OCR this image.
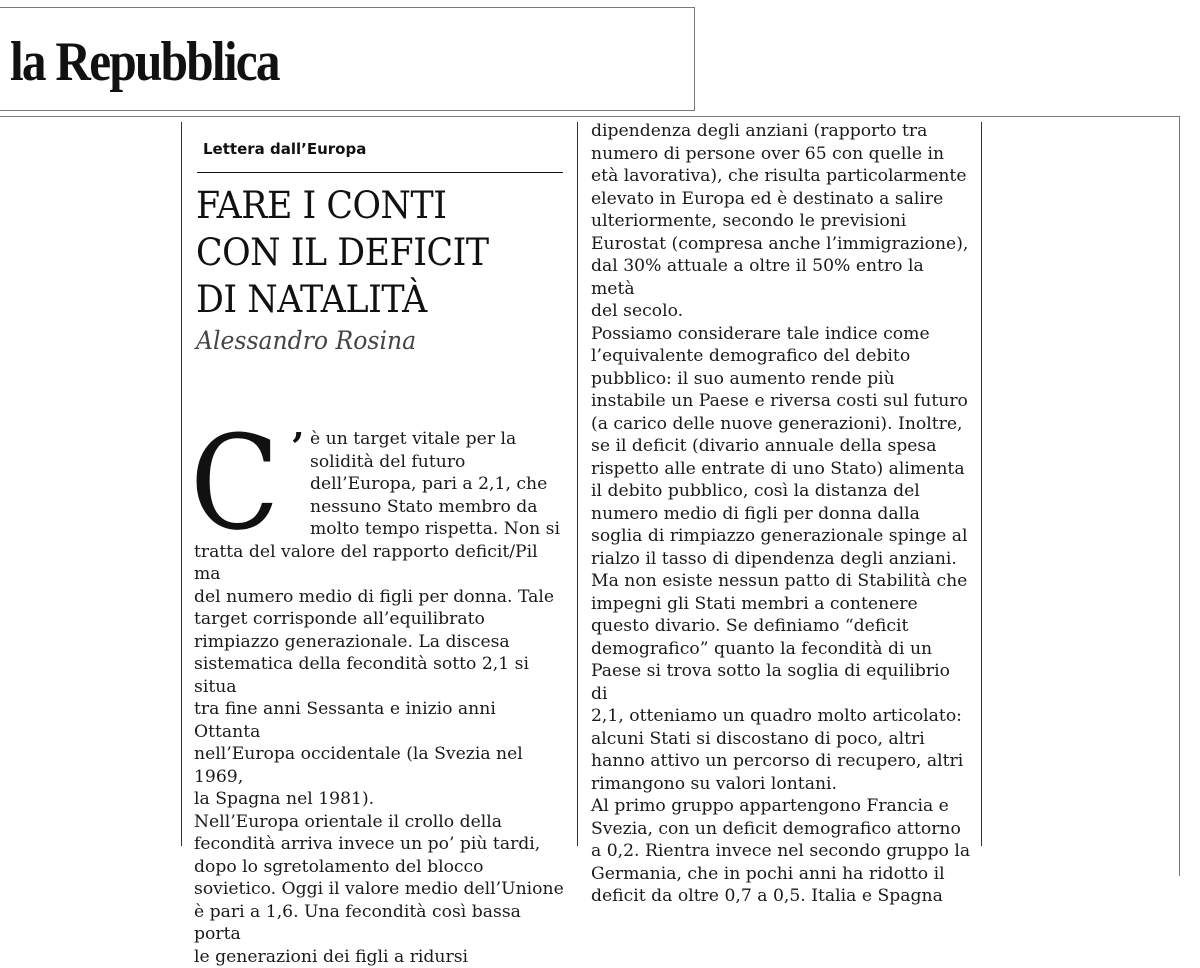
la Repubblica
Lettera dall’Europa
FARE I CONTI
CON IL DEFICIT
DI NATALITÀ
Alessandro Rosina
C ’ è un target vitale per la
solidità del futuro
dell’Europa, pari a 2,1, che
nessuno Stato membro da
molto tempo rispetta. Non si
tratta del valore del rapporto deficit/Pil ma
del numero medio di figli per donna. Tale
target corrisponde all’equilibrato
rimpiazzo generazionale. La discesa
sistematica della fecondità sotto 2,1 si situa
tra fine anni Sessanta e inizio anni Ottanta
nell’Europa occidentale (la Svezia nel 1969,
la Spagna nel 1981).
Nell’Europa orientale il crollo della
fecondità arriva invece un po’ più tardi,
dopo lo sgretolamento del blocco
sovietico. Oggi il valore medio dell’Unione
è pari a 1,6. Una fecondità così bassa porta
le generazioni dei figli a ridursi
dipendenza degli anziani (rapporto tra
numero di persone over 65 con quelle in
età lavorativa), che risulta particolarmente
elevato in Europa ed è destinato a salire
ulteriormente, secondo le previsioni
Eurostat (compresa anche l’immigrazione),
dal 30% attuale a oltre il 50% entro la metà
del secolo.
Possiamo considerare tale indice come
l’equivalente demografico del debito
pubblico: il suo aumento rende più
instabile un Paese e riversa costi sul futuro
(a carico delle nuove generazioni). Inoltre,
se il deficit (divario annuale della spesa
rispetto alle entrate di uno Stato) alimenta
il debito pubblico, così la distanza del
numero medio di figli per donna dalla
soglia di rimpiazzo generazionale spinge al
rialzo il tasso di dipendenza degli anziani.
Ma non esiste nessun patto di Stabilità che
impegni gli Stati membri a contenere
questo divario. Se definiamo “deficit
demografico” quanto la fecondità di un
Paese si trova sotto la soglia di equilibrio di
2,1, otteniamo un quadro molto articolato:
alcuni Stati si discostano di poco, altri
hanno attivo un percorso di recupero, altri
rimangono su valori lontani.
Al primo gruppo appartengono Francia e
Svezia, con un deficit demografico attorno
a 0,2. Rientra invece nel secondo gruppo la
Germania, che in pochi anni ha ridotto il
deficit da oltre 0,7 a 0,5. Italia e Spagna
